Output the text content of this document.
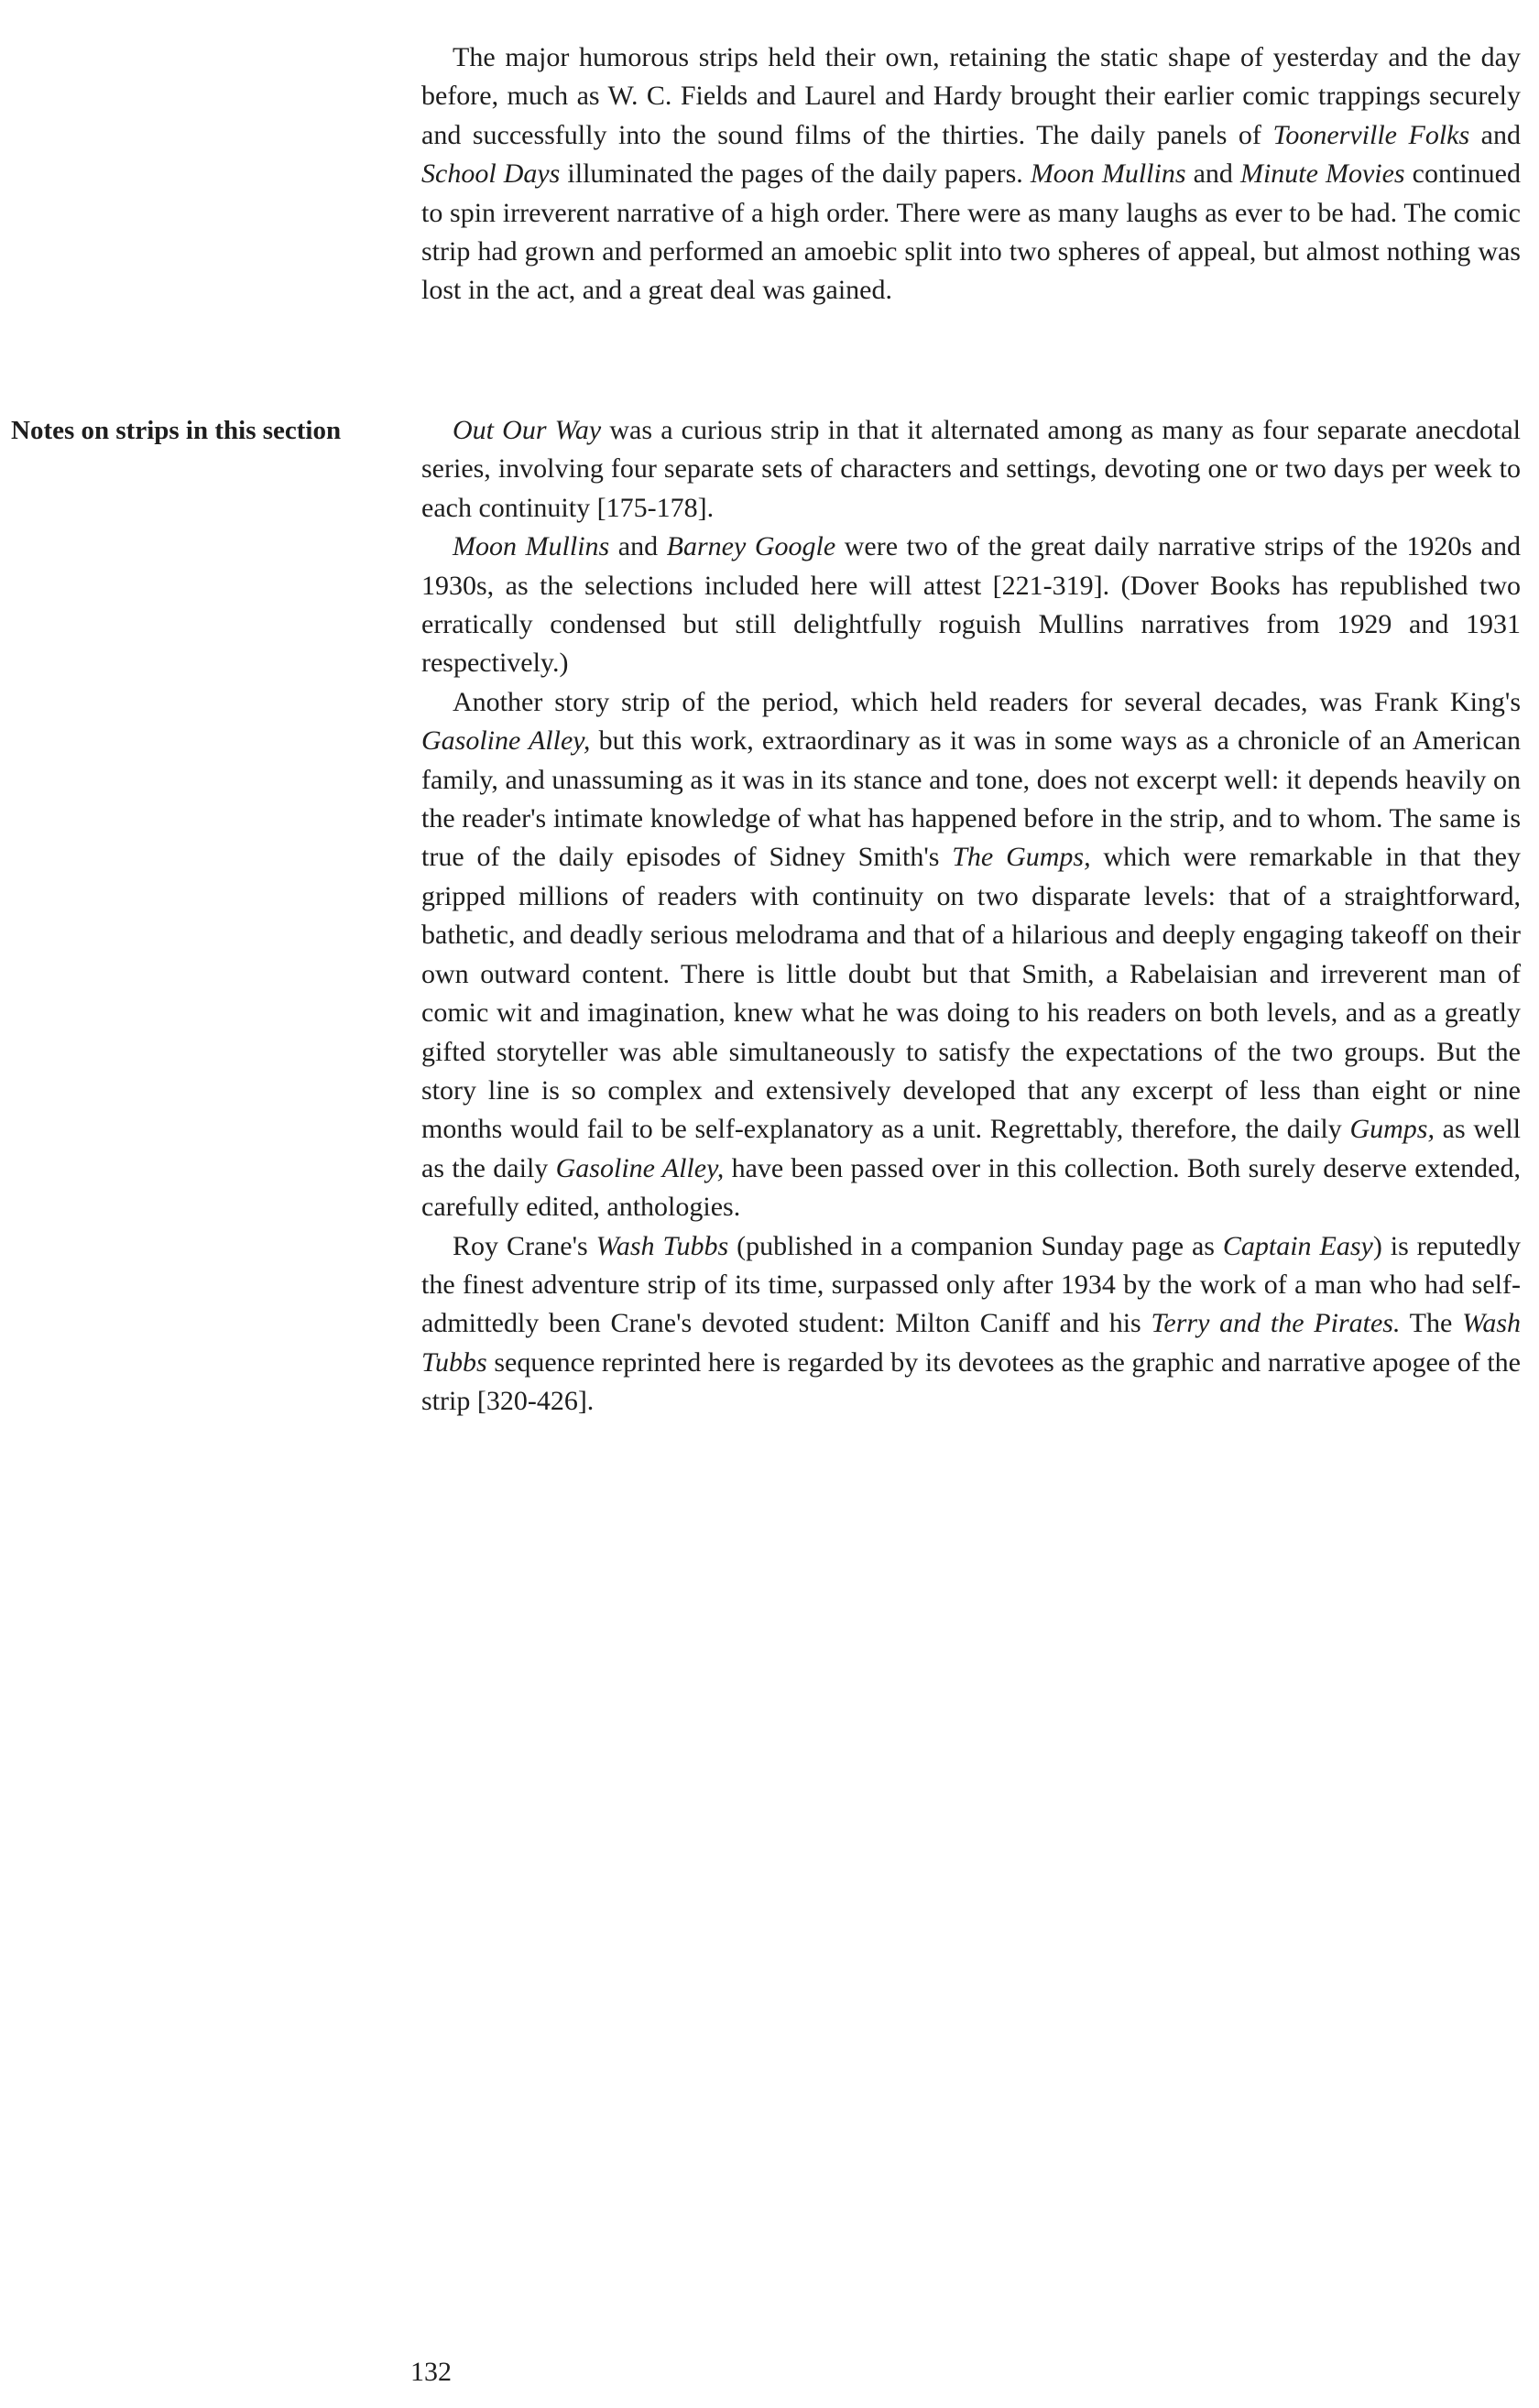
The major humorous strips held their own, retaining the static shape of yesterday and the day before, much as W. C. Fields and Laurel and Hardy brought their earlier comic trappings securely and successfully into the sound films of the thirties. The daily panels of Toonerville Folks and School Days illuminated the pages of the daily papers. Moon Mullins and Minute Movies continued to spin irreverent narrative of a high order. There were as many laughs as ever to be had. The comic strip had grown and performed an amoebic split into two spheres of appeal, but almost nothing was lost in the act, and a great deal was gained.

Notes on strips in this section	Out Our Way was a curious strip in that it alternated among as many as four separate anecdotal series, involving four separate sets of characters and settings, devoting one or two days per week to each continuity [175-178].

Moon Mullins and Barney Google were two of the great daily narrative strips of the 1920s and 1930s, as the selections included here will attest [221-319]. (Dover Books has republished two erratically condensed but still delightfully roguish Mullins narratives from 1929 and 1931 respectively.)

Another story strip of the period, which held readers for several decades, was Frank King's Gasoline Alley, but this work, extraordinary as it was in some ways as a chronicle of an American family, and unassuming as it was in its stance and tone, does not excerpt well: it depends heavily on the reader's intimate knowledge of what has happened before in the strip, and to whom. The same is true of the daily episodes of Sidney Smith's The Gumps, which were remarkable in that they gripped millions of readers with continuity on two disparate levels: that of a straightforward, bathetic, and deadly serious melodrama and that of a hilarious and deeply engaging takeoff on their own outward content. There is little doubt but that Smith, a Rabelaisian and irreverent man of comic wit and imagination, knew what he was doing to his readers on both levels, and as a greatly gifted storyteller was able simultaneously to satisfy the expectations of the two groups. But the story line is so complex and extensively developed that any excerpt of less than eight or nine months would fail to be self-explanatory as a unit. Regrettably, therefore, the daily Gumps, as well as the daily Gasoline Alley, have been passed over in this collection. Both surely deserve extended, carefully edited, anthologies.

Roy Crane's Wash Tubbs (published in a companion Sunday page as Captain Easy) is reputedly the finest adventure strip of its time, surpassed only after 1934 by the work of a man who had self-admittedly been Crane's devoted student: Milton Caniff and his Terry and the Pirates. The Wash Tubbs sequence reprinted here is regarded by its devotees as the graphic and narrative apogee of the strip [320-426].

132
